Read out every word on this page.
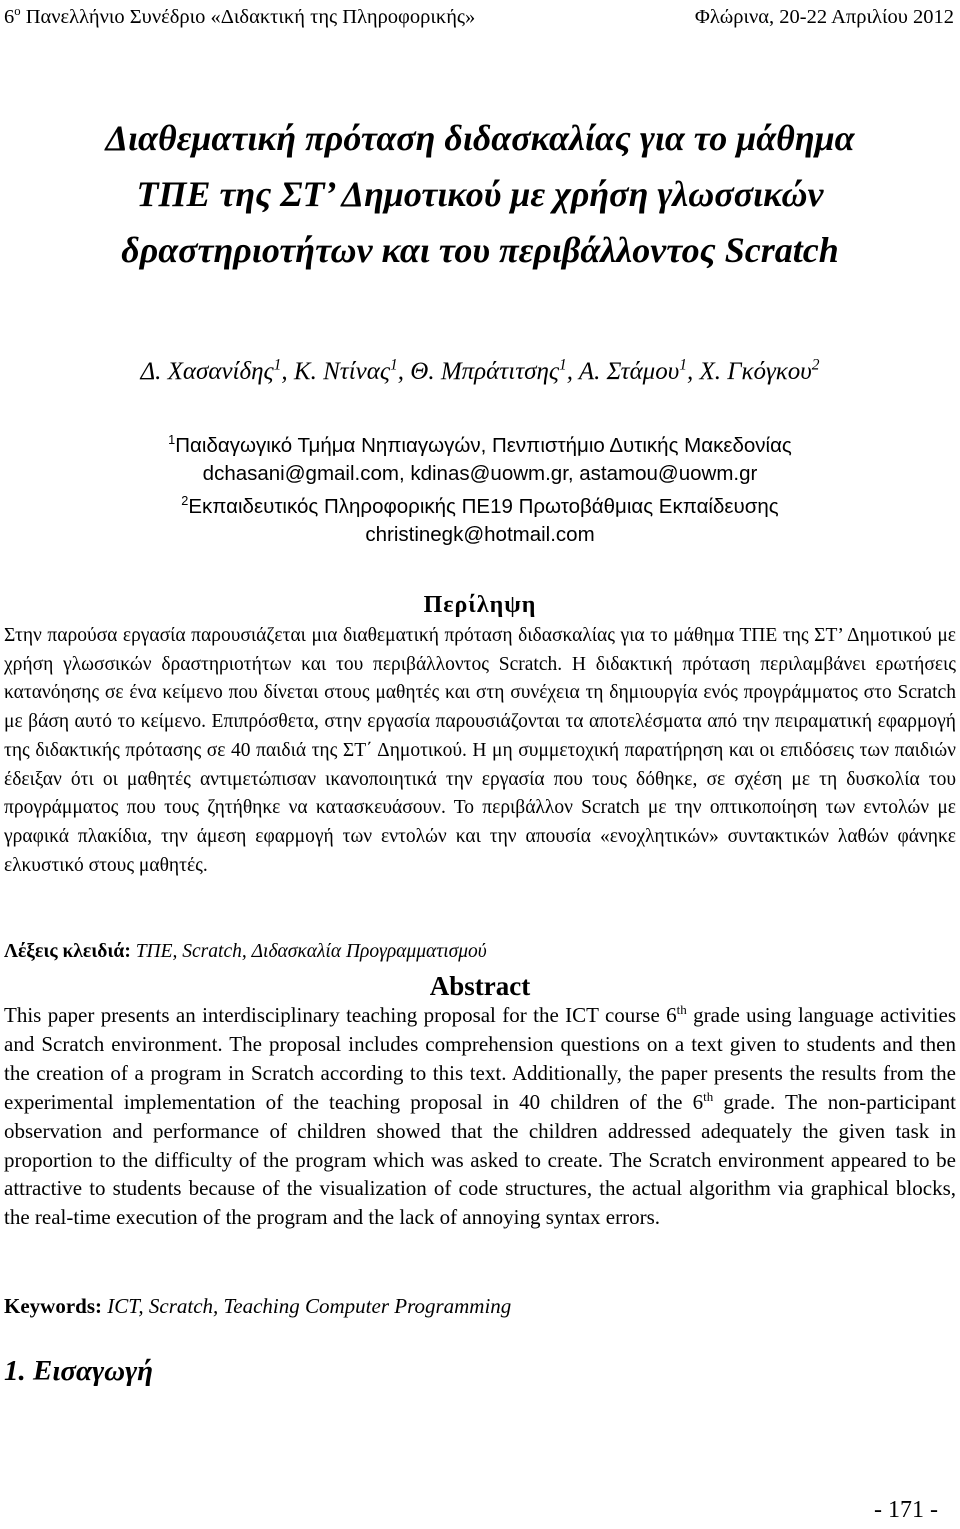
$6^o$ Πανελλήνιο Συνέδριο «Διδακτική της Πληροφορικής»	Φλώρινα, 20-22 Απριλίου 2012
Διαθεματική πρόταση διδασκαλίας για το μάθημα
ΤΠΕ της ΣΤ’ Δημοτικού με χρήση γλωσσικών
δραστηριοτήτων και του περιβάλλοντος Scratch
Δ. Χασανίδης$^1$, Κ. Ντίνας$^1$, Θ. Μπράτιτσης$^1$, Α. Στάμου$^1$, Χ. Γκόγκου$^2$
$^1$Παιδαγωγικό Τμήμα Νηπιαγωγών, Πενπιστήμιο Δυτικής Μακεδονίας
dchasani@gmail.com, kdinas@uowm.gr, astamou@uowm.gr
$^2$Εκπαιδευτικός Πληροφορικής ΠΕ19 Πρωτοβάθμιας Εκπαίδευσης
christinegk@hotmail.com
Περίληψη
Στην παρούσα εργασία παρουσιάζεται μια διαθεματική πρόταση διδασκαλίας για το μάθημα ΤΠΕ της ΣΤ’ Δημοτικού με χρήση γλωσσικών δραστηριοτήτων και του περιβάλλοντος Scratch. Η διδακτική πρόταση περιλαμβάνει ερωτήσεις κατανόησης σε ένα κείμενο που δίνεται στους μαθητές και στη συνέχεια τη δημιουργία ενός προγράμματος στο Scratch με βάση αυτό το κείμενο. Επιπρόσθετα, στην εργασία παρουσιάζονται τα αποτελέσματα από την πειραματική εφαρμογή της διδακτικής πρότασης σε 40 παιδιά της ΣΤ΄ Δημοτικού. Η μη συμμετοχική παρατήρηση και οι επιδόσεις των παιδιών έδειξαν ότι οι μαθητές αντιμετώπισαν ικανοποιητικά την εργασία που τους δόθηκε, σε σχέση με τη δυσκολία του προγράμματος που τους ζητήθηκε να κατασκευάσουν. Το περιβάλλον Scratch με την οπτικοποίηση των εντολών με γραφικά πλακίδια, την άμεση εφαρμογή των εντολών και την απουσία «ενοχλητικών» συντακτικών λαθών φάνηκε ελκυστικό στους μαθητές.
Λέξεις κλειδιά: ΤΠΕ, Scratch, Διδασκαλία Προγραμματισμού
Abstract
This paper presents an interdisciplinary teaching proposal for the ICT course 6th grade using language activities and Scratch environment. The proposal includes comprehension questions on a text given to students and then the creation of a program in Scratch according to this text. Additionally, the paper presents the results from the experimental implementation of the teaching proposal in 40 children of the 6th grade. The non-participant observation and performance of children showed that the children addressed adequately the given task in proportion to the difficulty of the program which was asked to create. The Scratch environment appeared to be attractive to students because of the visualization of code structures, the actual algorithm via graphical blocks, the real-time execution of the program and the lack of annoying syntax errors.
Keywords: ICT, Scratch, Teaching Computer Programming
1. Εισαγωγή
- 171 -
